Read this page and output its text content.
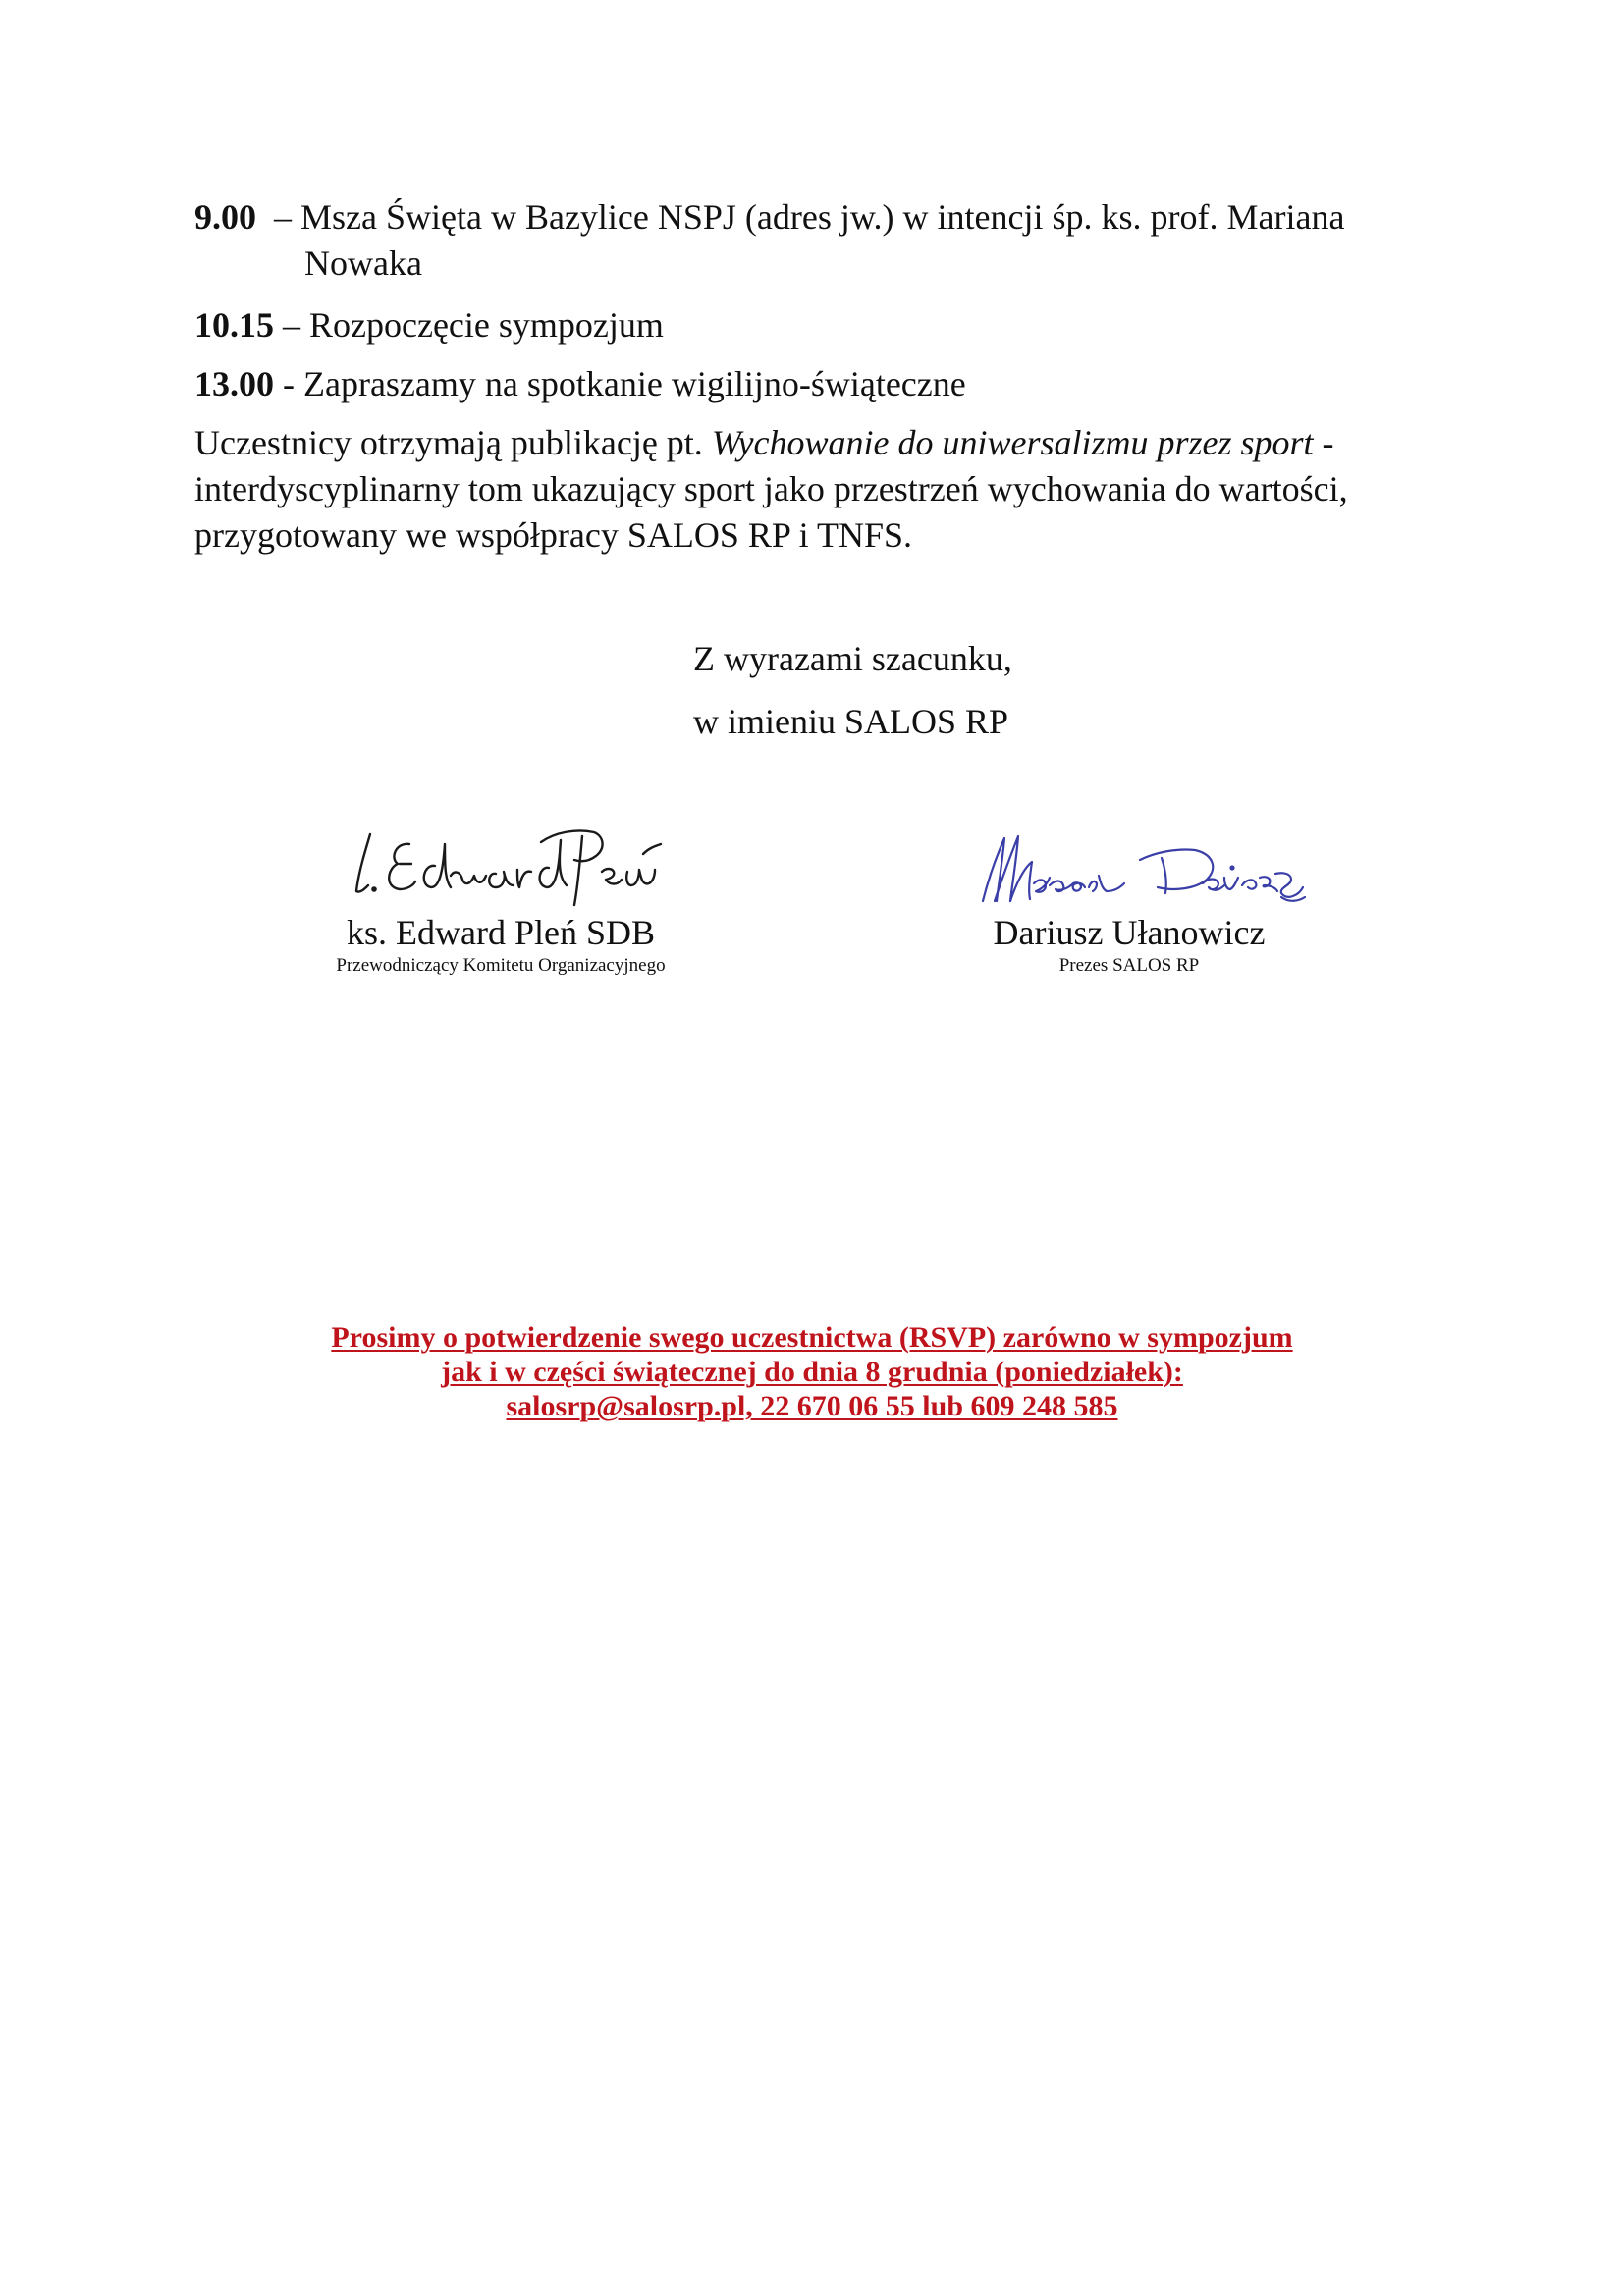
9.00 – Msza Święta w Bazylice NSPJ (adres jw.) w intencji śp. ks. prof. Mariana
Nowaka
10.15 – Rozpoczęcie sympozjum
13.00 - Zapraszamy na spotkanie wigilijno-świąteczne
Uczestnicy otrzymają publikację pt. Wychowanie do uniwersalizmu przez sport -
interdyscyplinarny tom ukazujący sport jako przestrzeń wychowania do wartości,
przygotowany we współpracy SALOS RP i TNFS.
Z wyrazami szacunku,
w imieniu SALOS RP
ks. Edward Pleń SDB
Przewodniczący Komitetu Organizacyjnego
Dariusz Ułanowicz
Prezes SALOS RP
Prosimy o potwierdzenie swego uczestnictwa (RSVP) zarówno w sympozjum
jak i w części świątecznej do dnia 8 grudnia (poniedziałek):
salosrp@salosrp.pl, 22 670 06 55 lub 609 248 585
